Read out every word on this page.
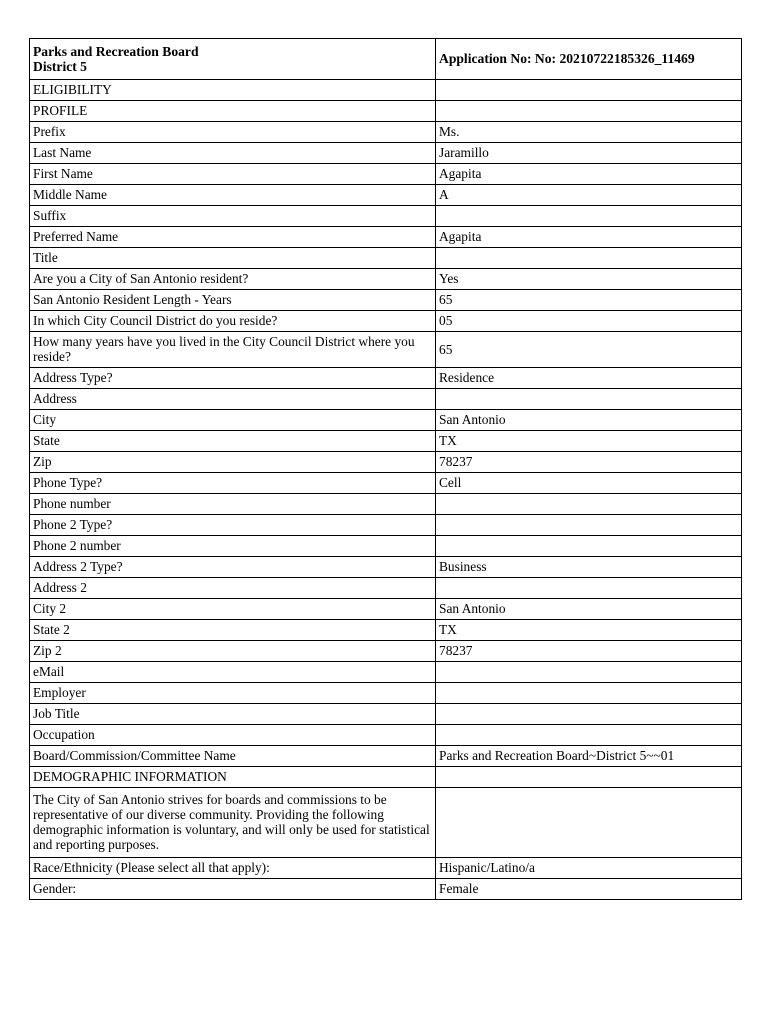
Parks and Recreation Board
District 5	Application No: No: 20210722185326_11469
ELIGIBILITY	
PROFILE	
Prefix	Ms.
Last Name	Jaramillo
First Name	Agapita
Middle Name	A
Suffix	
Preferred Name	Agapita
Title	
Are you a City of San Antonio resident?	Yes
San Antonio Resident Length - Years	65
In which City Council District do you reside?	05
How many years have you lived in the City Council District where you reside?	65
Address Type?	Residence
Address	
City	San Antonio
State	TX
Zip	78237
Phone Type?	Cell
Phone number	
Phone 2 Type?	
Phone 2 number	
Address 2 Type?	Business
Address 2	
City 2	San Antonio
State 2	TX
Zip 2	78237
eMail	
Employer	
Job Title	
Occupation	
Board/Commission/Committee Name	Parks and Recreation Board~District 5~~01
DEMOGRAPHIC INFORMATION	
The City of San Antonio strives for boards and commissions to be representative of our diverse community. Providing the following demographic information is voluntary, and will only be used for statistical and reporting purposes.	
Race/Ethnicity (Please select all that apply):	Hispanic/Latino/a
Gender:	Female
